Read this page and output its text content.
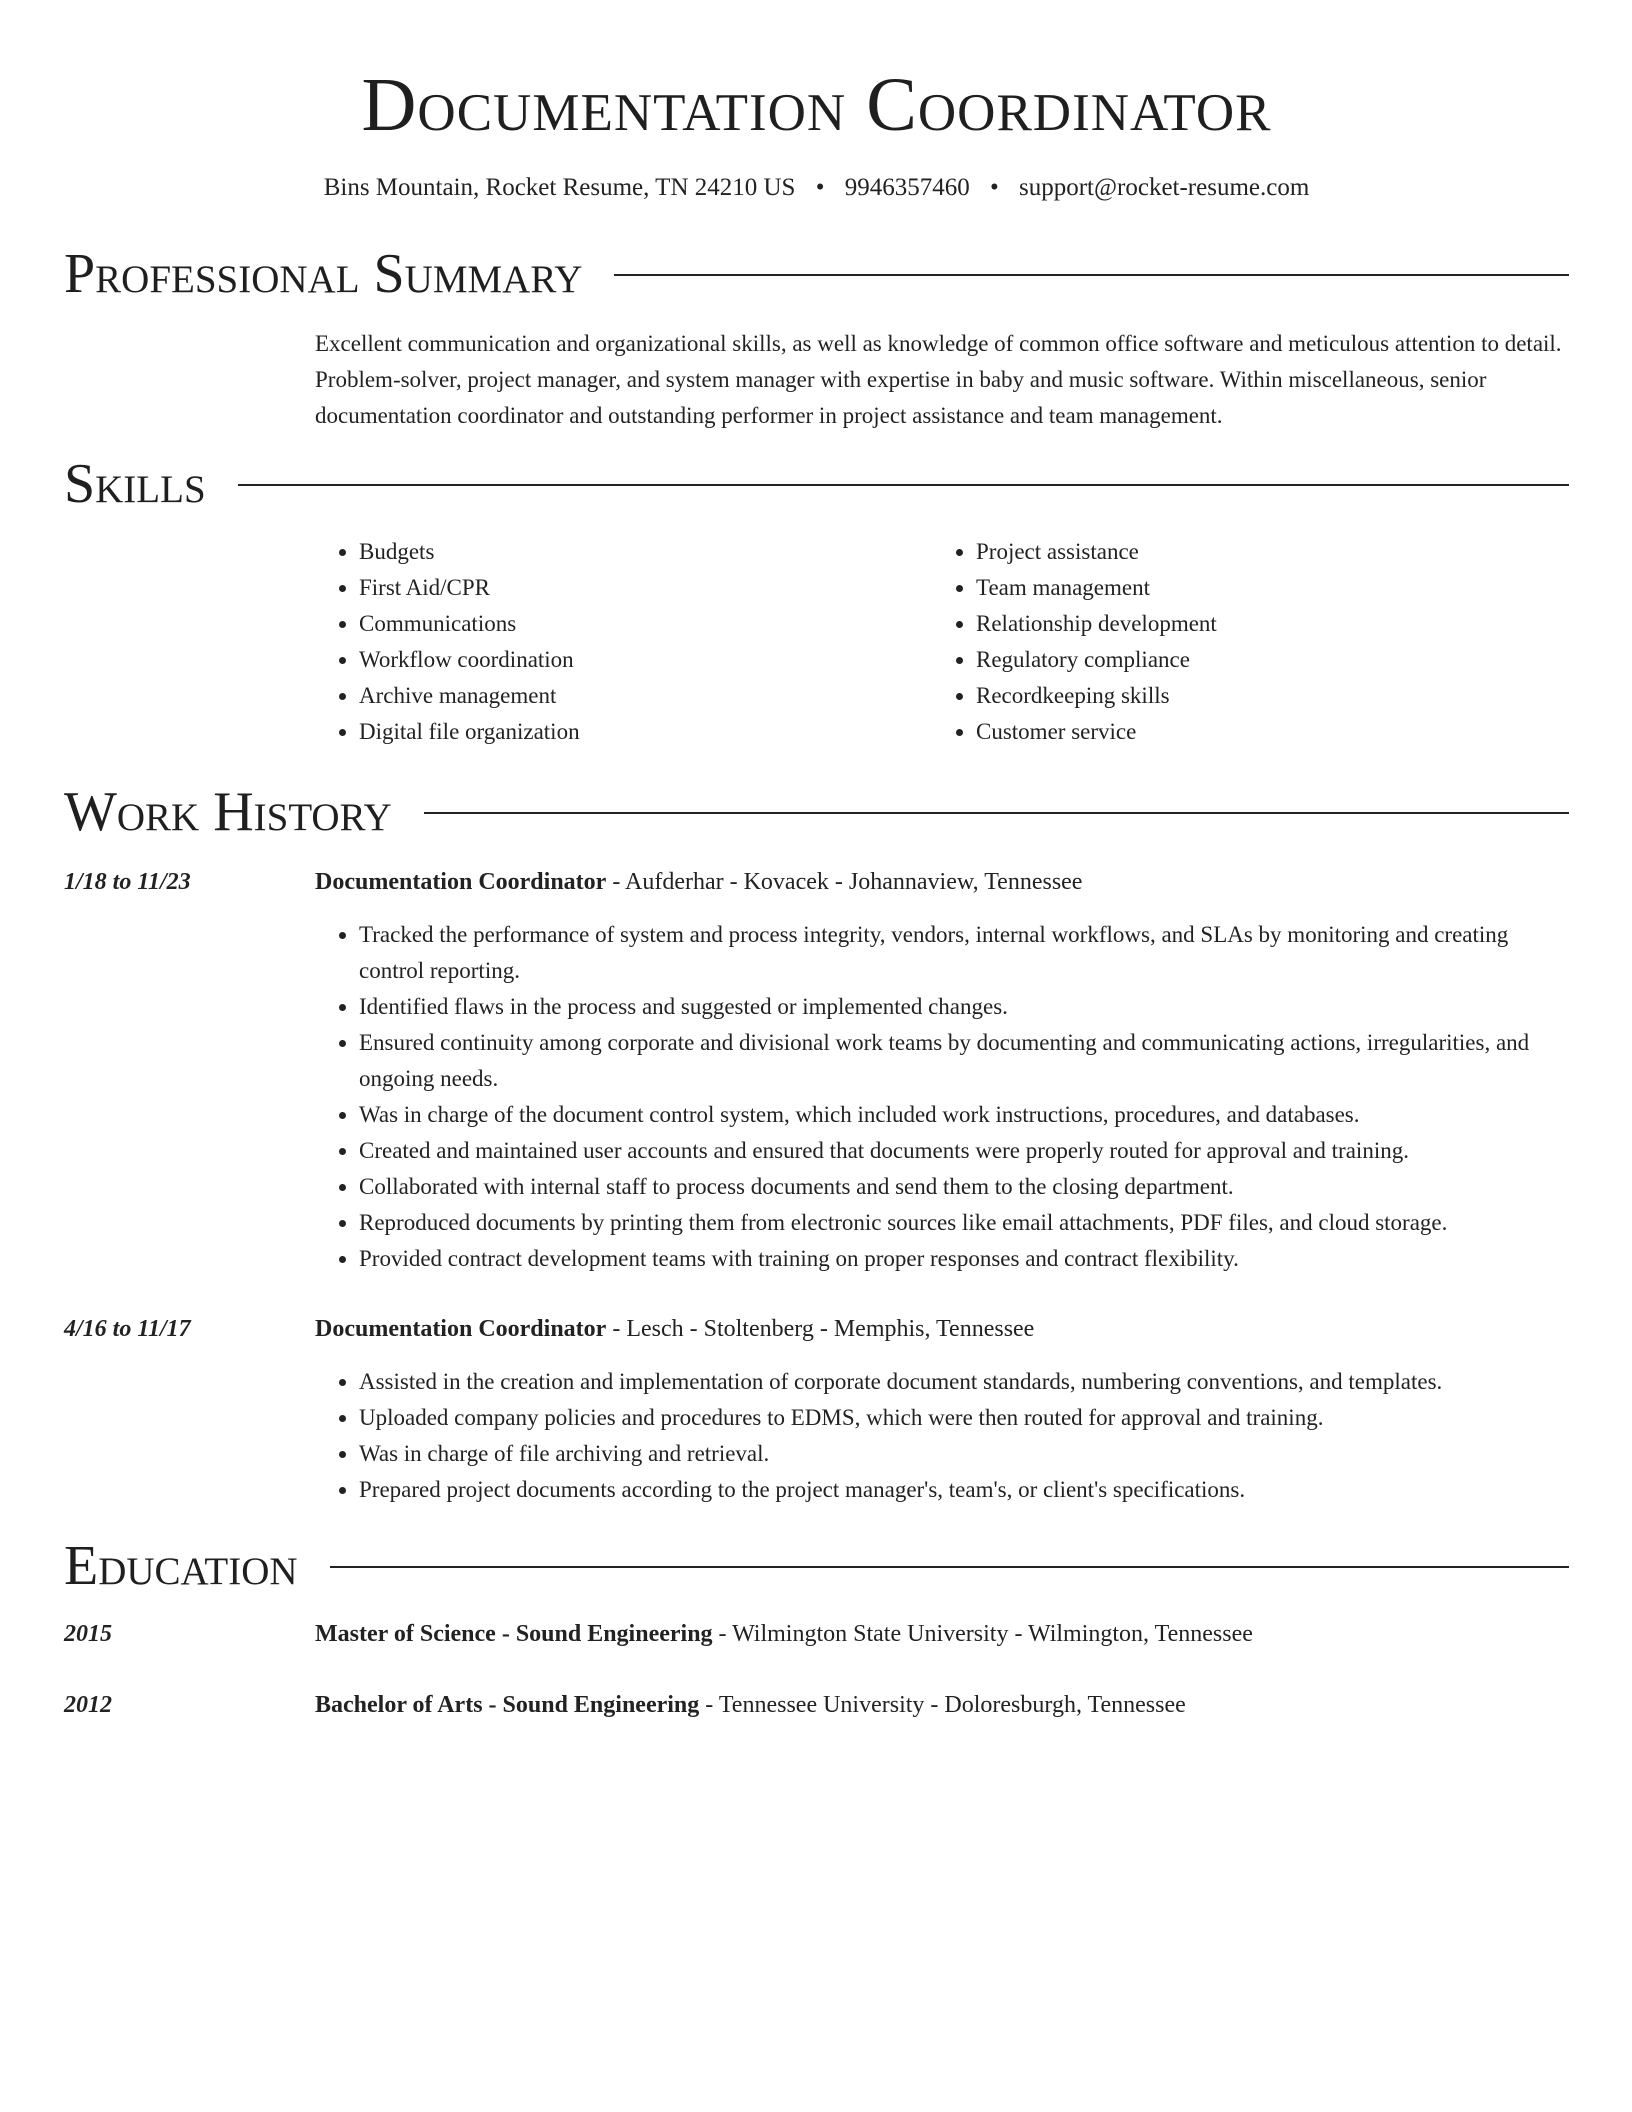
Documentation Coordinator
Bins Mountain, Rocket Resume, TN 24210 US • 9946357460 • support@rocket-resume.com
Professional Summary

Excellent communication and organizational skills, as well as knowledge of common office software and meticulous attention to detail. Problem-solver, project manager, and system manager with expertise in baby and music software. Within miscellaneous, senior documentation coordinator and outstanding performer in project assistance and team management.

Skills
• Budgets
• First Aid/CPR
• Communications
• Workflow coordination
• Archive management
• Digital file organization
• Project assistance
• Team management
• Relationship development
• Regulatory compliance
• Recordkeeping skills
• Customer service
Work History
1/18 to 11/23	Documentation Coordinator - Aufderhar - Kovacek - Johannaview, Tennessee
• Tracked the performance of system and process integrity, vendors, internal workflows, and SLAs by monitoring and creating control reporting.
• Identified flaws in the process and suggested or implemented changes.
• Ensured continuity among corporate and divisional work teams by documenting and communicating actions, irregularities, and ongoing needs.
• Was in charge of the document control system, which included work instructions, procedures, and databases.
• Created and maintained user accounts and ensured that documents were properly routed for approval and training.
• Collaborated with internal staff to process documents and send them to the closing department.
• Reproduced documents by printing them from electronic sources like email attachments, PDF files, and cloud storage.
• Provided contract development teams with training on proper responses and contract flexibility.
4/16 to 11/17	Documentation Coordinator - Lesch - Stoltenberg - Memphis, Tennessee
• Assisted in the creation and implementation of corporate document standards, numbering conventions, and templates.
• Uploaded company policies and procedures to EDMS, which were then routed for approval and training.
• Was in charge of file archiving and retrieval.
• Prepared project documents according to the project manager's, team's, or client's specifications.
Education
2015	Master of Science - Sound Engineering - Wilmington State University - Wilmington, Tennessee
2012	Bachelor of Arts - Sound Engineering - Tennessee University - Doloresburgh, Tennessee
